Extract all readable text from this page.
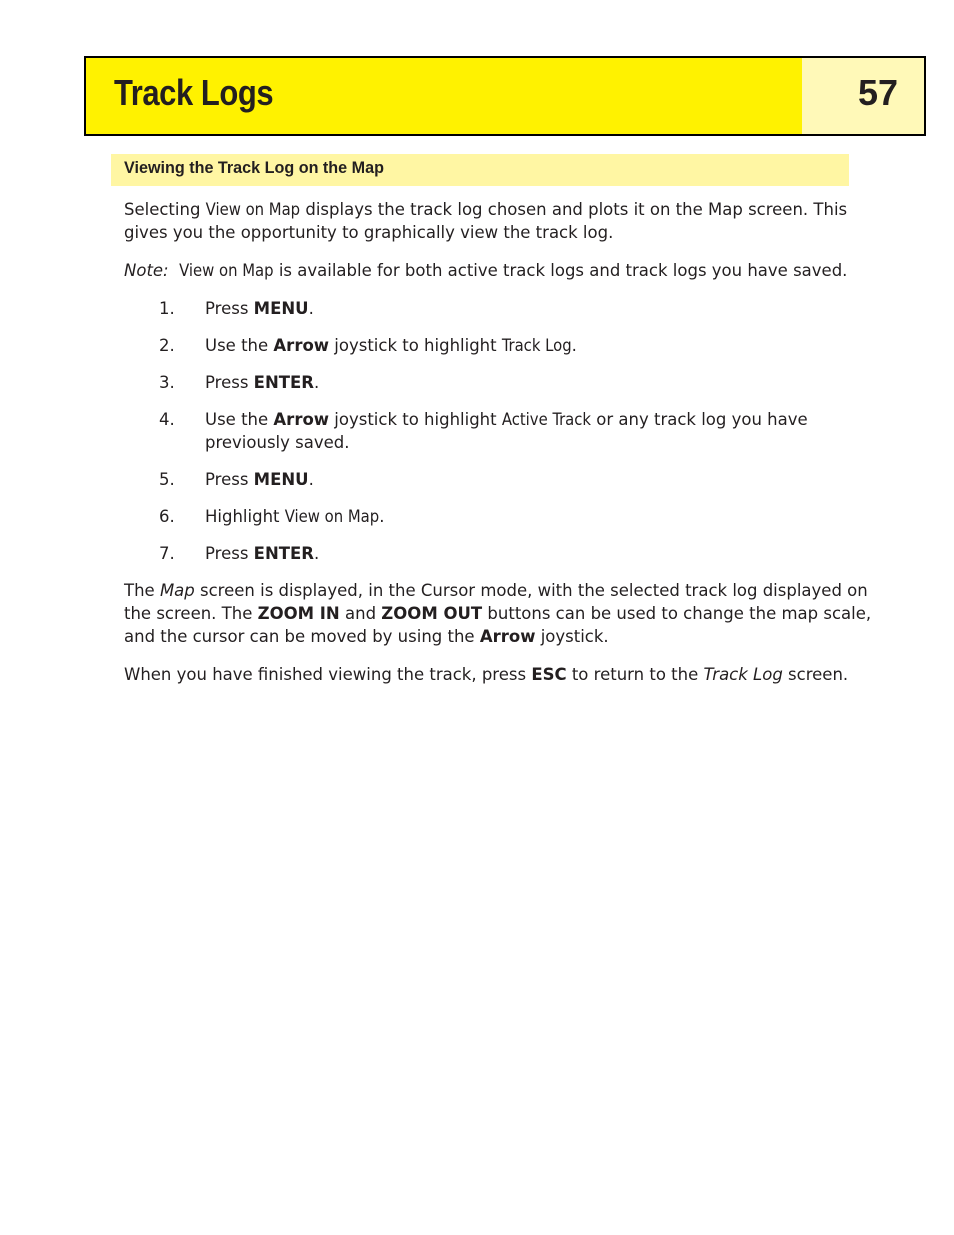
Track Logs	57
Viewing the Track Log on the Map

Selecting View on Map displays the track log chosen and plots it on the Map screen. This gives you the opportunity to graphically view the track log.

Note: View on Map is available for both active track logs and track logs you have saved.

1.	Press MENU.
2.	Use the Arrow joystick to highlight Track Log.
3.	Press ENTER.
4.	Use the Arrow joystick to highlight Active Track or any track log you have previously saved.
5.	Press MENU.
6.	Highlight View on Map.
7.	Press ENTER.

The Map screen is displayed, in the Cursor mode, with the selected track log displayed on the screen. The ZOOM IN and ZOOM OUT buttons can be used to change the map scale, and the cursor can be moved by using the Arrow joystick.

When you have finished viewing the track, press ESC to return to the Track Log screen.
